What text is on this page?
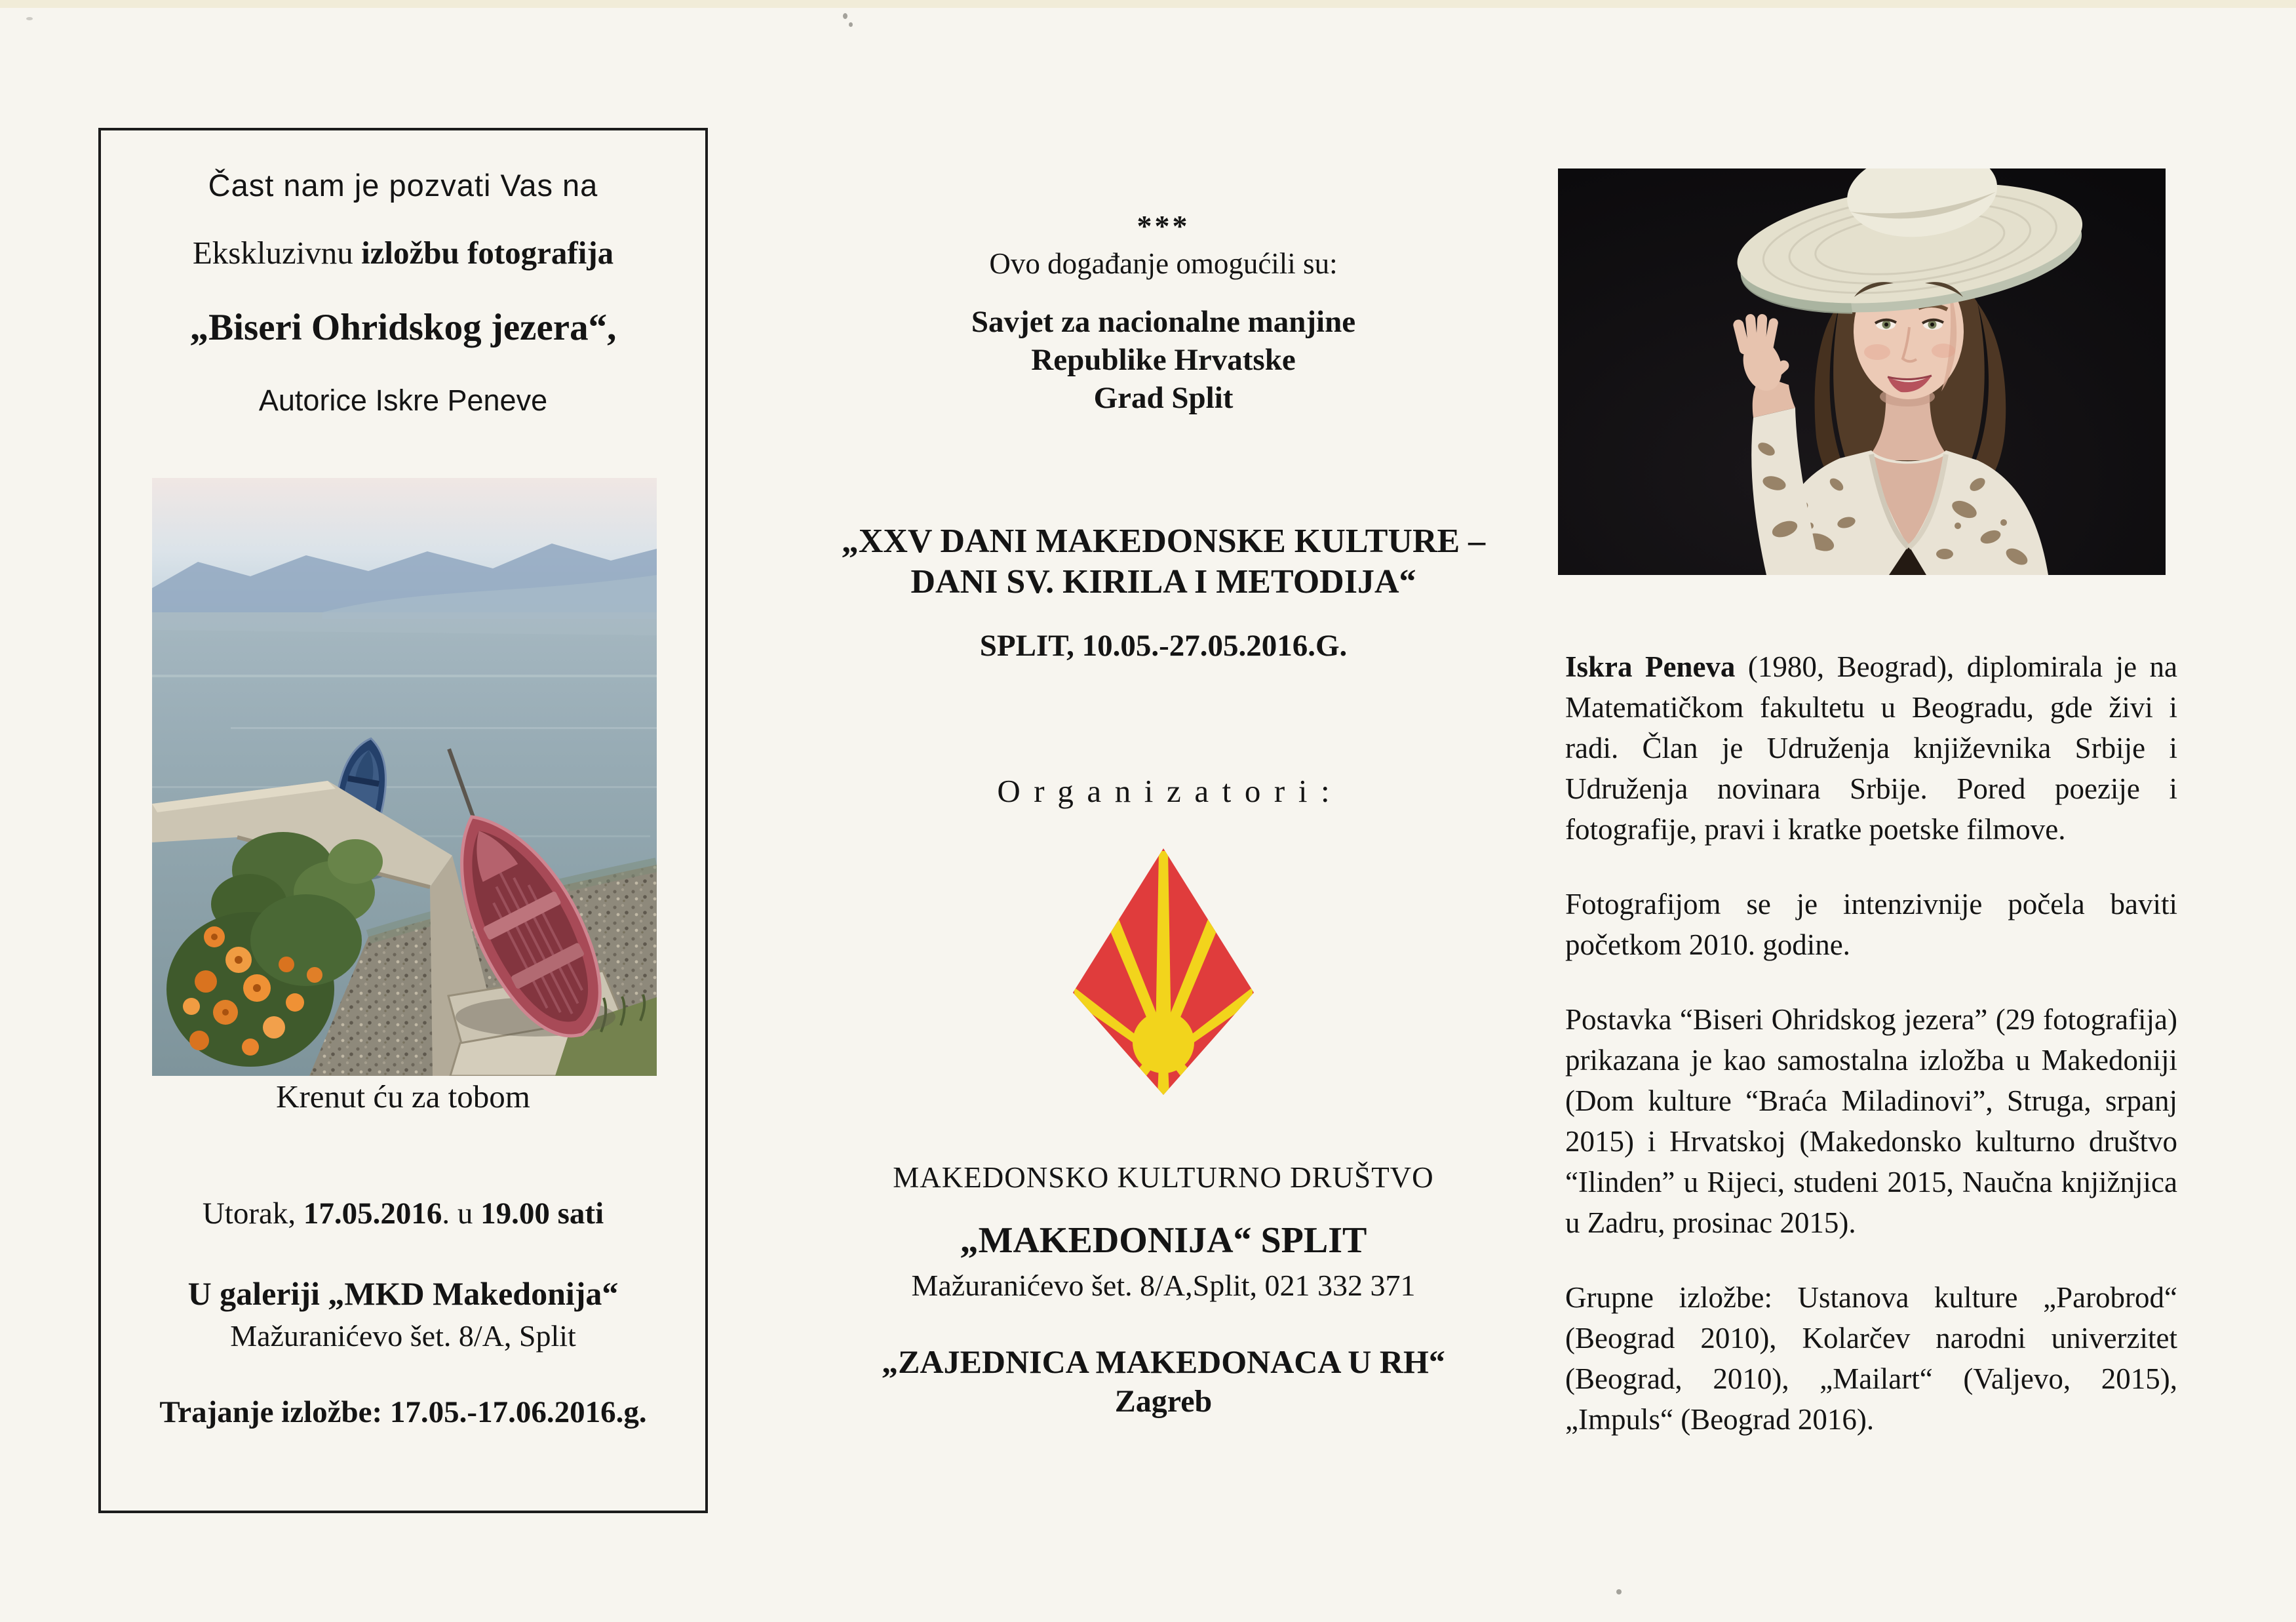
Čast nam je pozvati Vas na

Ekskluzivnu izložbu fotografija

„Biseri Ohridskog jezera“,

Autorice Iskre Peneve

Krenut ću za tobom

Utorak, 17.05.2016. u 19.00 sati

U galeriji „MKD Makedonija“

Mažuranićevo šet. 8/A, Split

Trajanje izložbe: 17.05.-17.06.2016.g.

***

Ovo događanje omogućili su:

Savjet za nacionalne manjine
Republike Hrvatske
Grad Split
„XXV DANI MAKEDONSKE KULTURE –
DANI SV. KIRILA I METODIJA“

SPLIT, 10.05.-27.05.2016.G.

Organizatori:

MAKEDONSKO KULTURNO DRUŠTVO

„MAKEDONIJA“ SPLIT

Mažuranićevo šet. 8/A,Split, 021 332 371

„ZAJEDNICA MAKEDONACA U RH“

Zagreb

Iskra Peneva (1980, Beograd), diplomirala je na Matematičkom fakultetu u Beogradu, gde živi i radi. Član je Udruženja književnika Srbije i Udruženja novinara Srbije. Pored poezije i fotografije, pravi i kratke poetske filmove.

Fotografijom se je intenzivnije počela baviti početkom 2010. godine.

Postavka “Biseri Ohridskog jezera” (29 fotografija) prikazana je kao samostalna izložba u Makedoniji (Dom kulture “Braća Miladinovi”, Struga, srpanj 2015) i Hrvatskoj (Makedonsko kulturno društvo “Ilinden” u Rijeci, studeni 2015, Naučna knjižnjica u Zadru, prosinac 2015).

Grupne izložbe: Ustanova kulture „Parobrod“ (Beograd 2010), Kolarčev narodni univerzitet (Beograd, 2010), „Mailart“ (Valjevo, 2015), „Impuls“ (Beograd 2016).
